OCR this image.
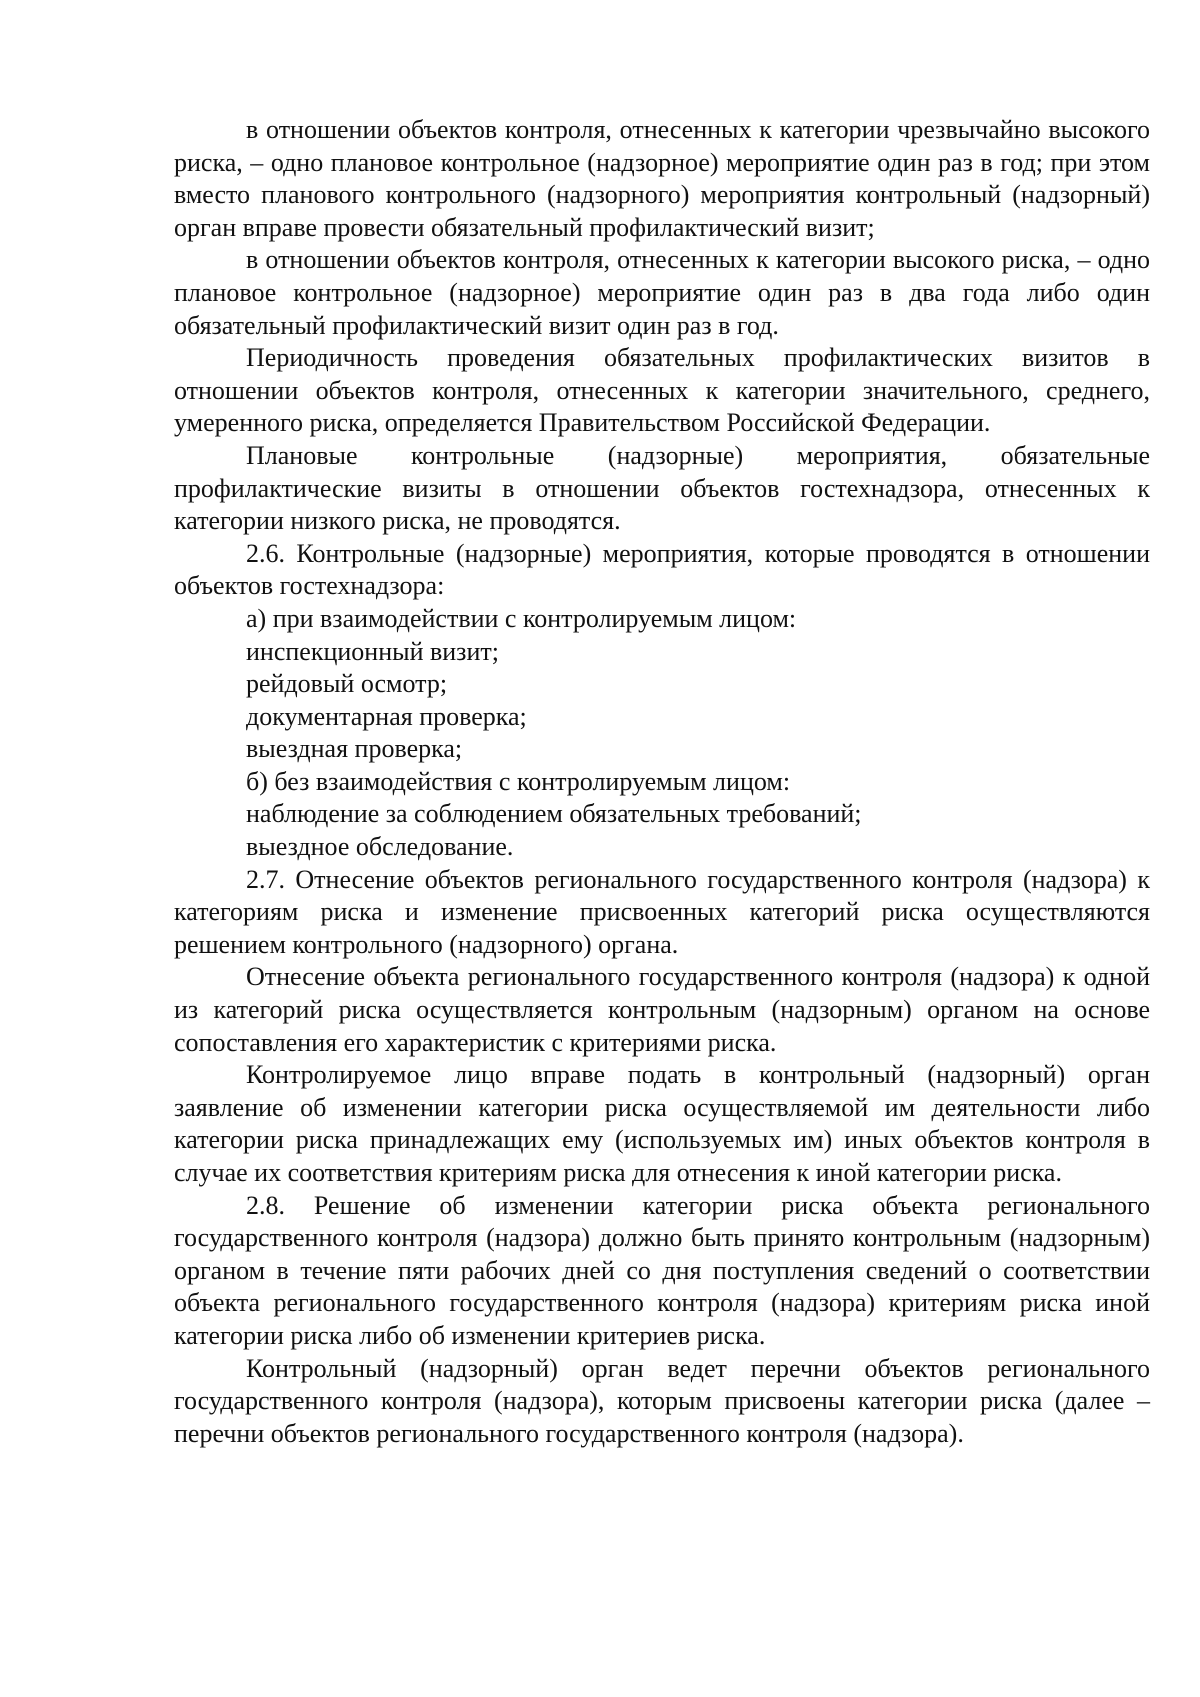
в отношении объектов контроля, отнесенных к категории чрезвычайно высокого риска, – одно плановое контрольное (надзорное) мероприятие один раз в год; при этом вместо планового контрольного (надзорного) мероприятия контрольный (надзорный) орган вправе провести обязательный профилактический визит;

в отношении объектов контроля, отнесенных к категории высокого риска, – одно плановое контрольное (надзорное) мероприятие один раз в два года либо один обязательный профилактический визит один раз в год.

Периодичность проведения обязательных профилактических визитов в отношении объектов контроля, отнесенных к категории значительного, среднего, умеренного риска, определяется Правительством Российской Федерации.

Плановые контрольные (надзорные) мероприятия, обязательные профилактические визиты в отношении объектов гостехнадзора, отнесенных к категории низкого риска, не проводятся.

2.6. Контрольные (надзорные) мероприятия, которые проводятся в отношении объектов гостехнадзора:

а) при взаимодействии с контролируемым лицом:

инспекционный визит;

рейдовый осмотр;

документарная проверка;

выездная проверка;

б) без взаимодействия с контролируемым лицом:

наблюдение за соблюдением обязательных требований;

выездное обследование.

2.7. Отнесение объектов регионального государственного контроля (надзора) к категориям риска и изменение присвоенных категорий риска осуществляются решением контрольного (надзорного) органа.

Отнесение объекта регионального государственного контроля (надзора) к одной из категорий риска осуществляется контрольным (надзорным) органом на основе сопоставления его характеристик с критериями риска.

Контролируемое лицо вправе подать в контрольный (надзорный) орган заявление об изменении категории риска осуществляемой им деятельности либо категории риска принадлежащих ему (используемых им) иных объектов контроля в случае их соответствия критериям риска для отнесения к иной категории риска.

2.8. Решение об изменении категории риска объекта регионального государственного контроля (надзора) должно быть принято контрольным (надзорным) органом в течение пяти рабочих дней со дня поступления сведений о соответствии объекта регионального государственного контроля (надзора) критериям риска иной категории риска либо об изменении критериев риска.

Контрольный (надзорный) орган ведет перечни объектов регионального государственного контроля (надзора), которым присвоены категории риска (далее – перечни объектов регионального государственного контроля (надзора).
